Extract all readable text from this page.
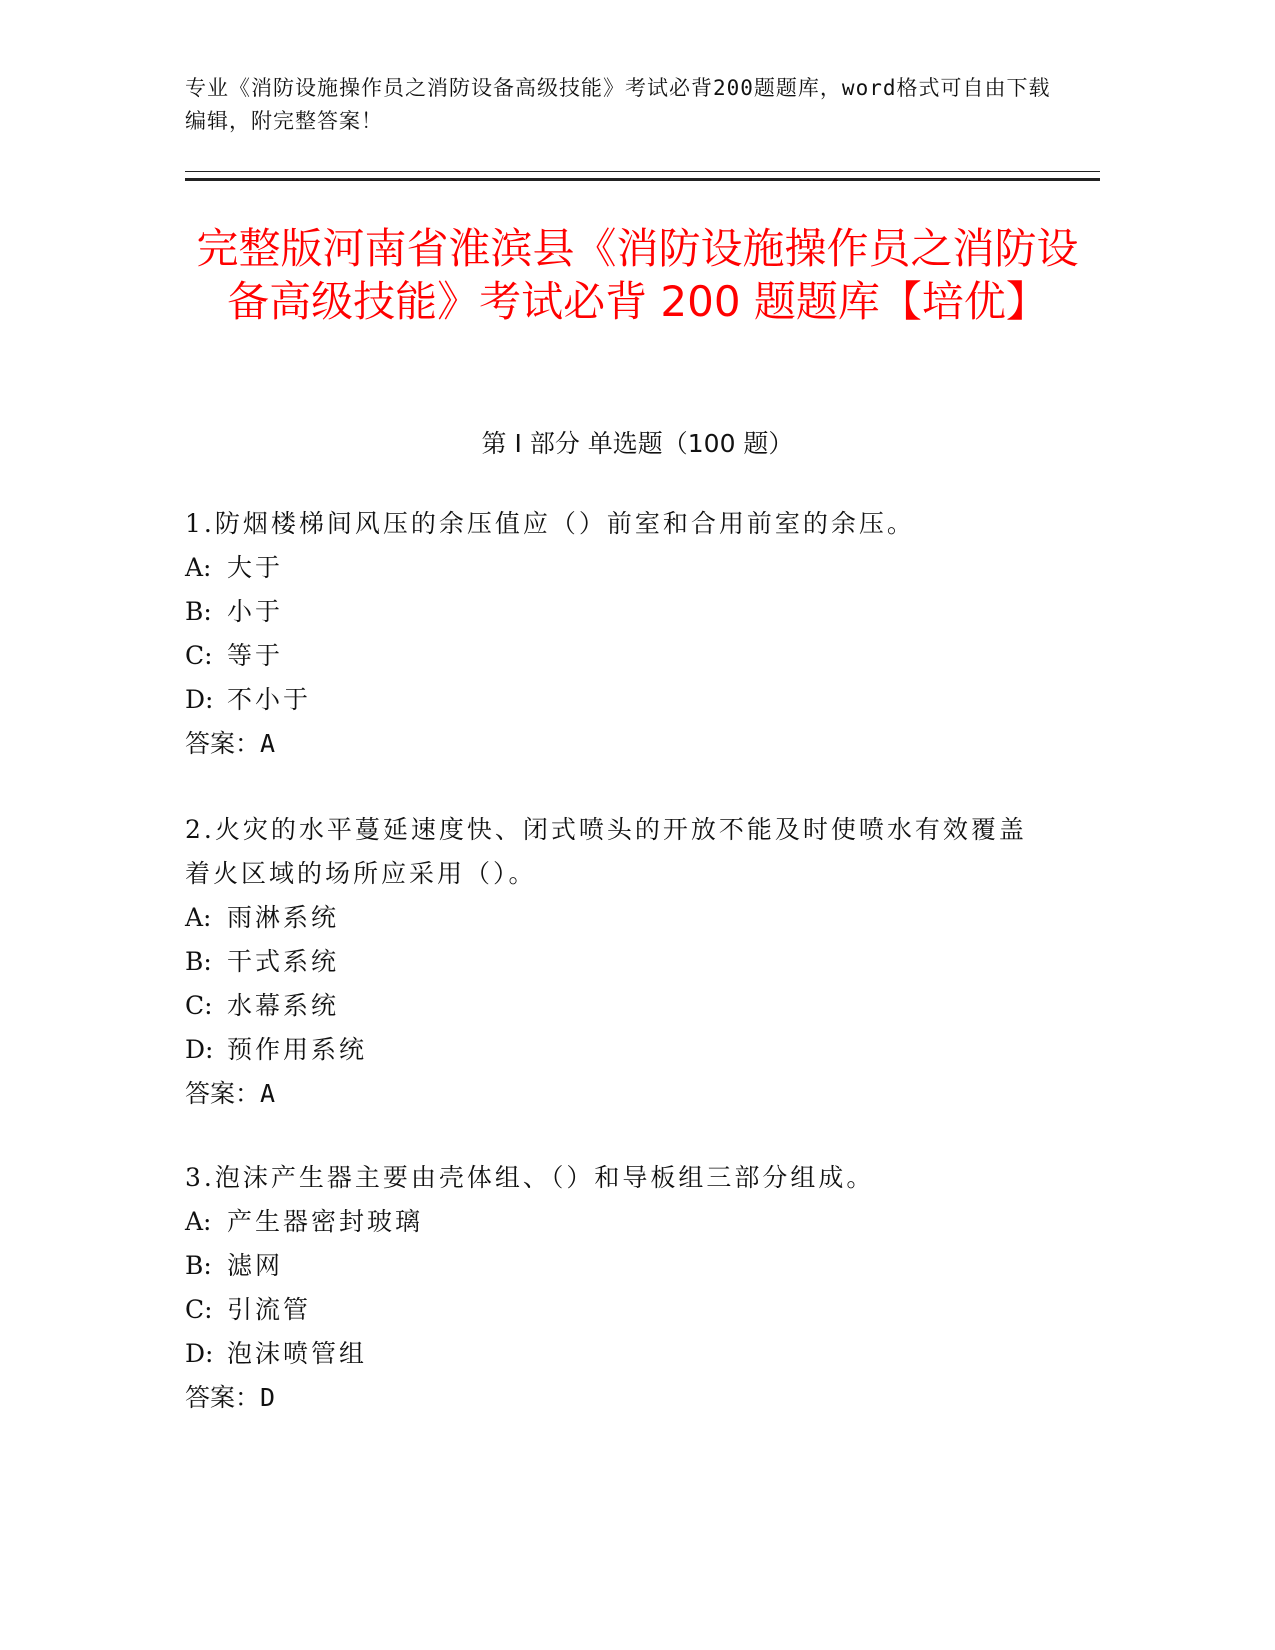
专业《消防设施操作员之消防设备高级技能》考试必背200题题库，word格式可自由下载编辑，附完整答案！
完整版河南省淮滨县《消防设施操作员之消防设备高级技能》考试必背 200 题题库【培优】
第 I 部分 单选题（100 题）

1.防烟楼梯间风压的余压值应（）前室和合用前室的余压。

A: 大于

B: 小于

C: 等于

D: 不小于

答案：A

2.火灾的水平蔓延速度快、闭式喷头的开放不能及时使喷水有效覆盖着火区域的场所应采用（）。

A: 雨淋系统

B: 干式系统

C: 水幕系统

D: 预作用系统

答案：A

3.泡沫产生器主要由壳体组、（）和导板组三部分组成。

A: 产生器密封玻璃

B: 滤网

C: 引流管

D: 泡沫喷管组

答案：D
